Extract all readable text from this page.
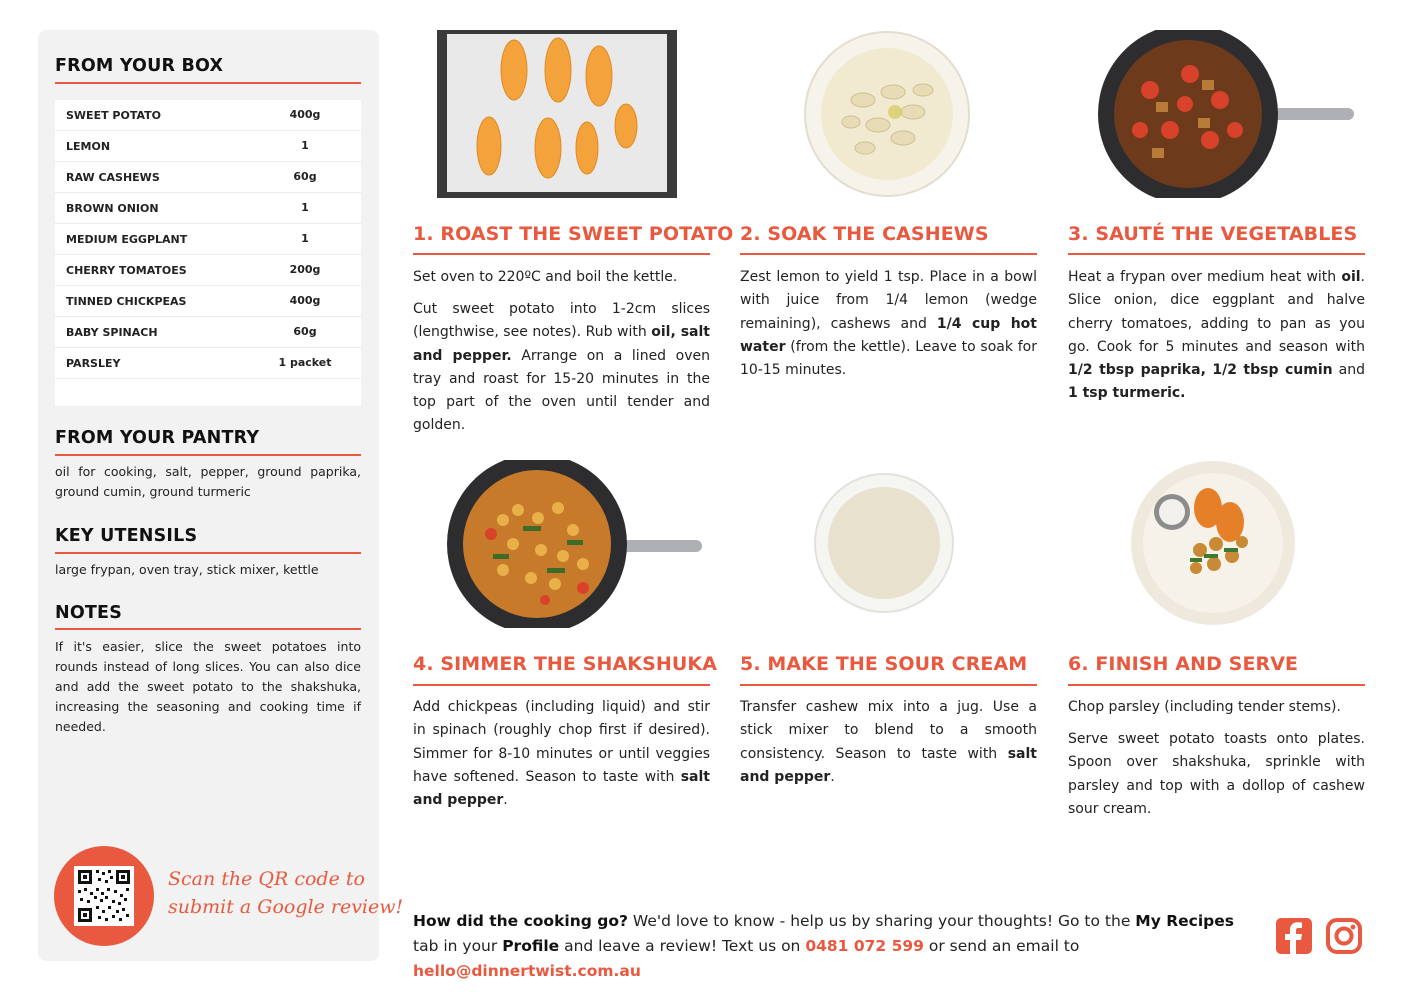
FROM YOUR BOX
SWEET POTATO	400g
LEMON	1
RAW CASHEWS	60g
BROWN ONION	1
MEDIUM EGGPLANT	1
CHERRY TOMATOES	200g
TINNED CHICKPEAS	400g
BABY SPINACH	60g
PARSLEY	1 packet
FROM YOUR PANTRY
oil for cooking, salt, pepper, ground paprika, ground cumin, ground turmeric
KEY UTENSILS
large frypan, oven tray, stick mixer, kettle
NOTES
If it's easier, slice the sweet potatoes into rounds instead of long slices. You can also dice and add the sweet potato to the shakshuka, increasing the seasoning and cooking time if needed.
Scan the QR code to
submit a Google review!
1. ROAST THE SWEET POTATO
Set oven to 220ºC and boil the kettle.
Cut sweet potato into 1-2cm slices (lengthwise, see notes). Rub with oil, salt and pepper. Arrange on a lined oven tray and roast for 15-20 minutes in the top part of the oven until tender and golden.
2. SOAK THE CASHEWS
Zest lemon to yield 1 tsp. Place in a bowl with juice from 1/4 lemon (wedge remaining), cashews and 1/4 cup hot water (from the kettle). Leave to soak for 10-15 minutes.
3. SAUTÉ THE VEGETABLES
Heat a frypan over medium heat with oil. Slice onion, dice eggplant and halve cherry tomatoes, adding to pan as you go. Cook for 5 minutes and season with 1/2 tbsp paprika, 1/2 tbsp cumin and 1 tsp turmeric.
4. SIMMER THE SHAKSHUKA
Add chickpeas (including liquid) and stir in spinach (roughly chop first if desired). Simmer for 8-10 minutes or until veggies have softened. Season to taste with salt and pepper.
5. MAKE THE SOUR CREAM
Transfer cashew mix into a jug. Use a stick mixer to blend to a smooth consistency. Season to taste with salt and pepper.
6. FINISH AND SERVE
Chop parsley (including tender stems).
Serve sweet potato toasts onto plates. Spoon over shakshuka, sprinkle with parsley and top with a dollop of cashew sour cream.
How did the cooking go? We'd love to know - help us by sharing your thoughts! Go to the My Recipes tab in your Profile and leave a review! Text us on 0481 072 599 or send an email to hello@dinnertwist.com.au
